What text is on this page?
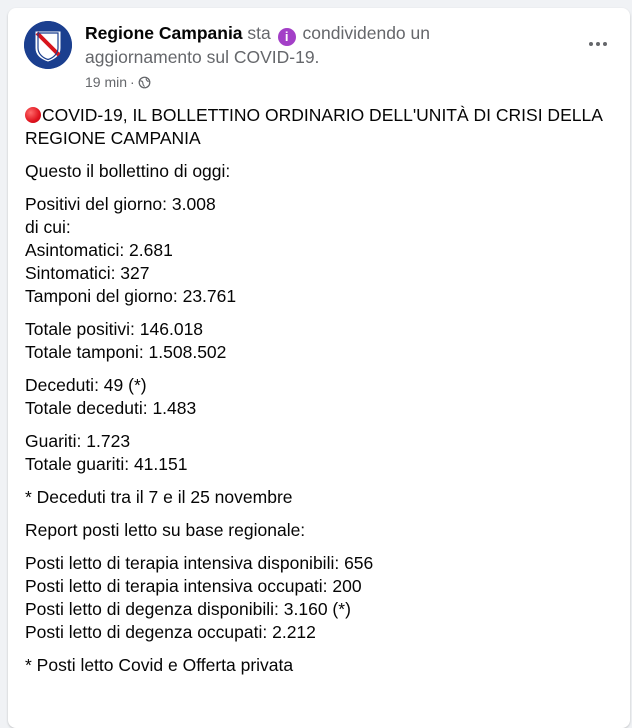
Regione Campania sta i condividendo un aggiornamento sul COVID-19.
19 min ·
COVID-19, IL BOLLETTINO ORDINARIO DELL'UNITÀ DI CRISI DELLA REGIONE CAMPANIA
Questo il bollettino di oggi:
Positivi del giorno: 3.008
di cui:
Asintomatici: 2.681
Sintomatici: 327
Tamponi del giorno: 23.761
Totale positivi: 146.018
Totale tamponi: 1.508.502
Deceduti: 49 (*)
Totale deceduti: 1.483
Guariti: 1.723
Totale guariti: 41.151
* Deceduti tra il 7 e il 25 novembre
Report posti letto su base regionale:
Posti letto di terapia intensiva disponibili: 656
Posti letto di terapia intensiva occupati: 200
Posti letto di degenza disponibili: 3.160 (*)
Posti letto di degenza occupati: 2.212
* Posti letto Covid e Offerta privata
